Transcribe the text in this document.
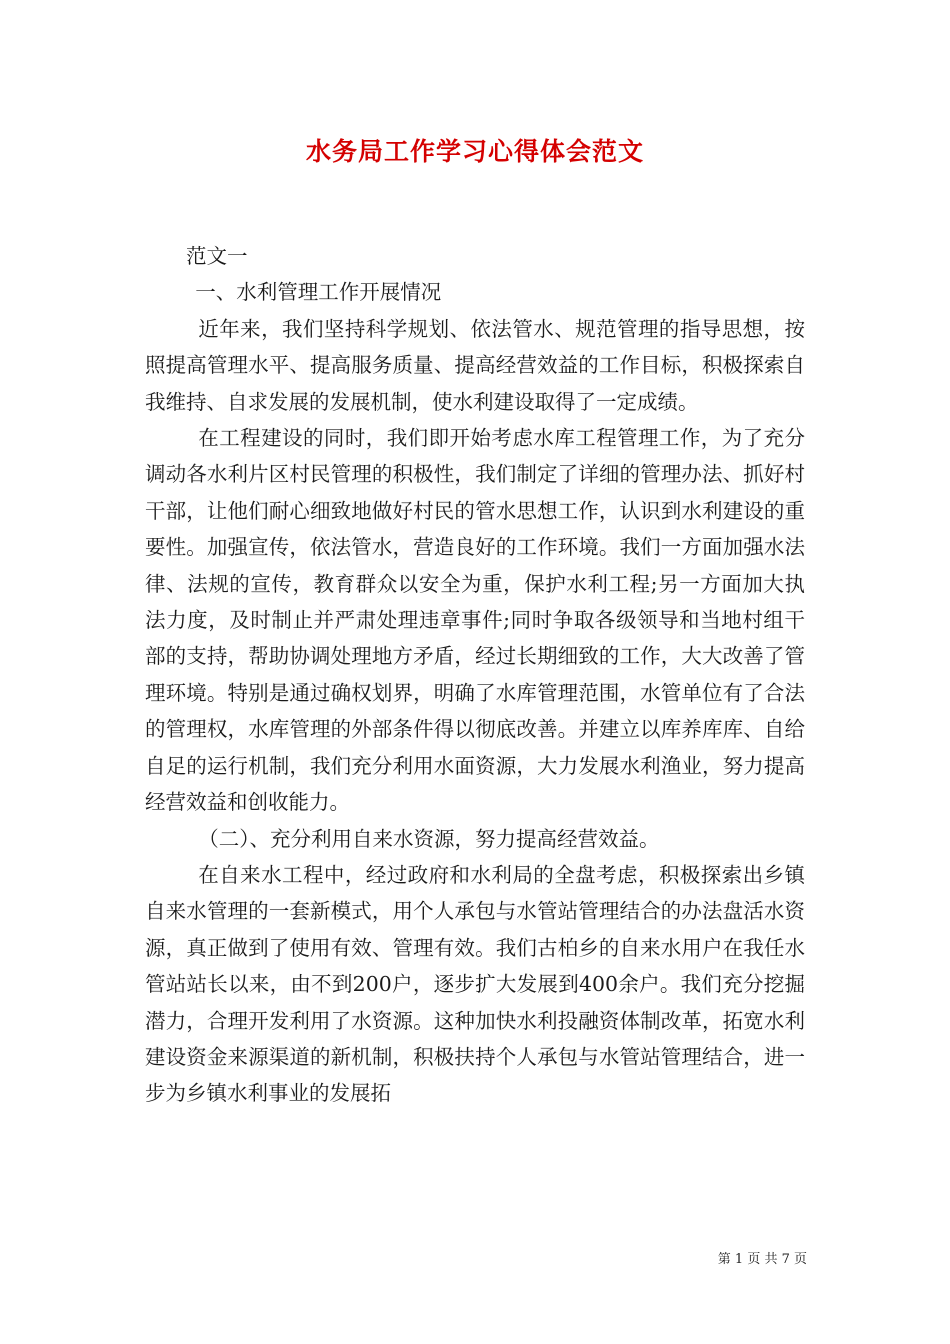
水务局工作学习心得体会范文

范文一

一、水利管理工作开展情况

近年来，我们坚持科学规划、依法管水、规范管理的指导思想，按照提高管理水平、提高服务质量、提高经营效益的工作目标，积极探索自我维持、自求发展的发展机制，使水利建设取得了一定成绩。

在工程建设的同时，我们即开始考虑水库工程管理工作，为了充分调动各水利片区村民管理的积极性，我们制定了详细的管理办法、抓好村干部，让他们耐心细致地做好村民的管水思想工作，认识到水利建设的重要性。加强宣传，依法管水，营造良好的工作环境。我们一方面加强水法律、法规的宣传，教育群众以安全为重，保护水利工程;另一方面加大执法力度，及时制止并严肃处理违章事件;同时争取各级领导和当地村组干部的支持，帮助协调处理地方矛盾，经过长期细致的工作，大大改善了管理环境。特别是通过确权划界，明确了水库管理范围，水管单位有了合法的管理权，水库管理的外部条件得以彻底改善。并建立以库养库库、自给自足的运行机制，我们充分利用水面资源，大力发展水利渔业，努力提高经营效益和创收能力。

（二）、充分利用自来水资源，努力提高经营效益。

在自来水工程中，经过政府和水利局的全盘考虑，积极探索出乡镇自来水管理的一套新模式，用个人承包与水管站管理结合的办法盘活水资源，真正做到了使用有效、管理有效。我们古柏乡的自来水用户在我任水管站站长以来，由不到200户，逐步扩大发展到400余户。我们充分挖掘潜力，合理开发利用了水资源。这种加快水利投融资体制改革，拓宽水利建设资金来源渠道的新机制，积极扶持个人承包与水管站管理结合，进一步为乡镇水利事业的发展拓

第 1 页 共 7 页
